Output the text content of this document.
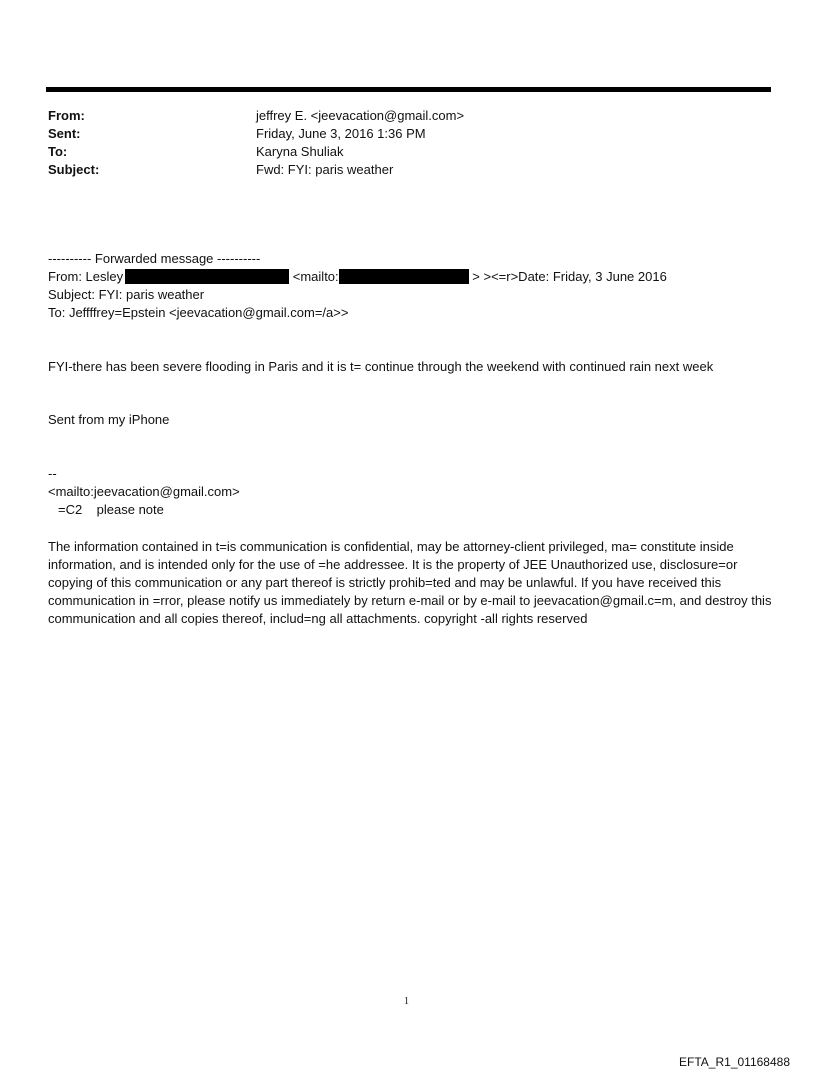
From:	jeffrey E. <jeevacation@gmail.com>
Sent:	Friday, June 3, 2016 1:36 PM
To:	Karyna Shuliak
Subject:	Fwd: FYI: paris weather
---------- Forwarded message ----------
From: Lesley	<mailto:	> ><=r>Date: Friday, 3 June 2016
Subject: FYI: paris weather
To: Jeffffrey=Epstein <jeevacation@gmail.com=/a>>
FYI-there has been severe flooding in Paris and it is t= continue through the weekend with continued rain next week
Sent from my iPhone
--
<mailto:jeevacation@gmail.com>
=C2    please note
The information contained in t=is communication is confidential, may be attorney-client privileged, ma= constitute inside information, and is intended only for the use of =he addressee. It is the property of JEE Unauthorized use, disclosure=or copying of this communication or any part thereof is strictly prohib=ted and may be unlawful. If you have received this communication in =rror, please notify us immediately by return e-mail or by e-mail to jeevacation@gmail.c=m, and destroy this communication and all copies thereof, includ=ng all attachments. copyright -all rights reserved
1
EFTA_R1_01168488
